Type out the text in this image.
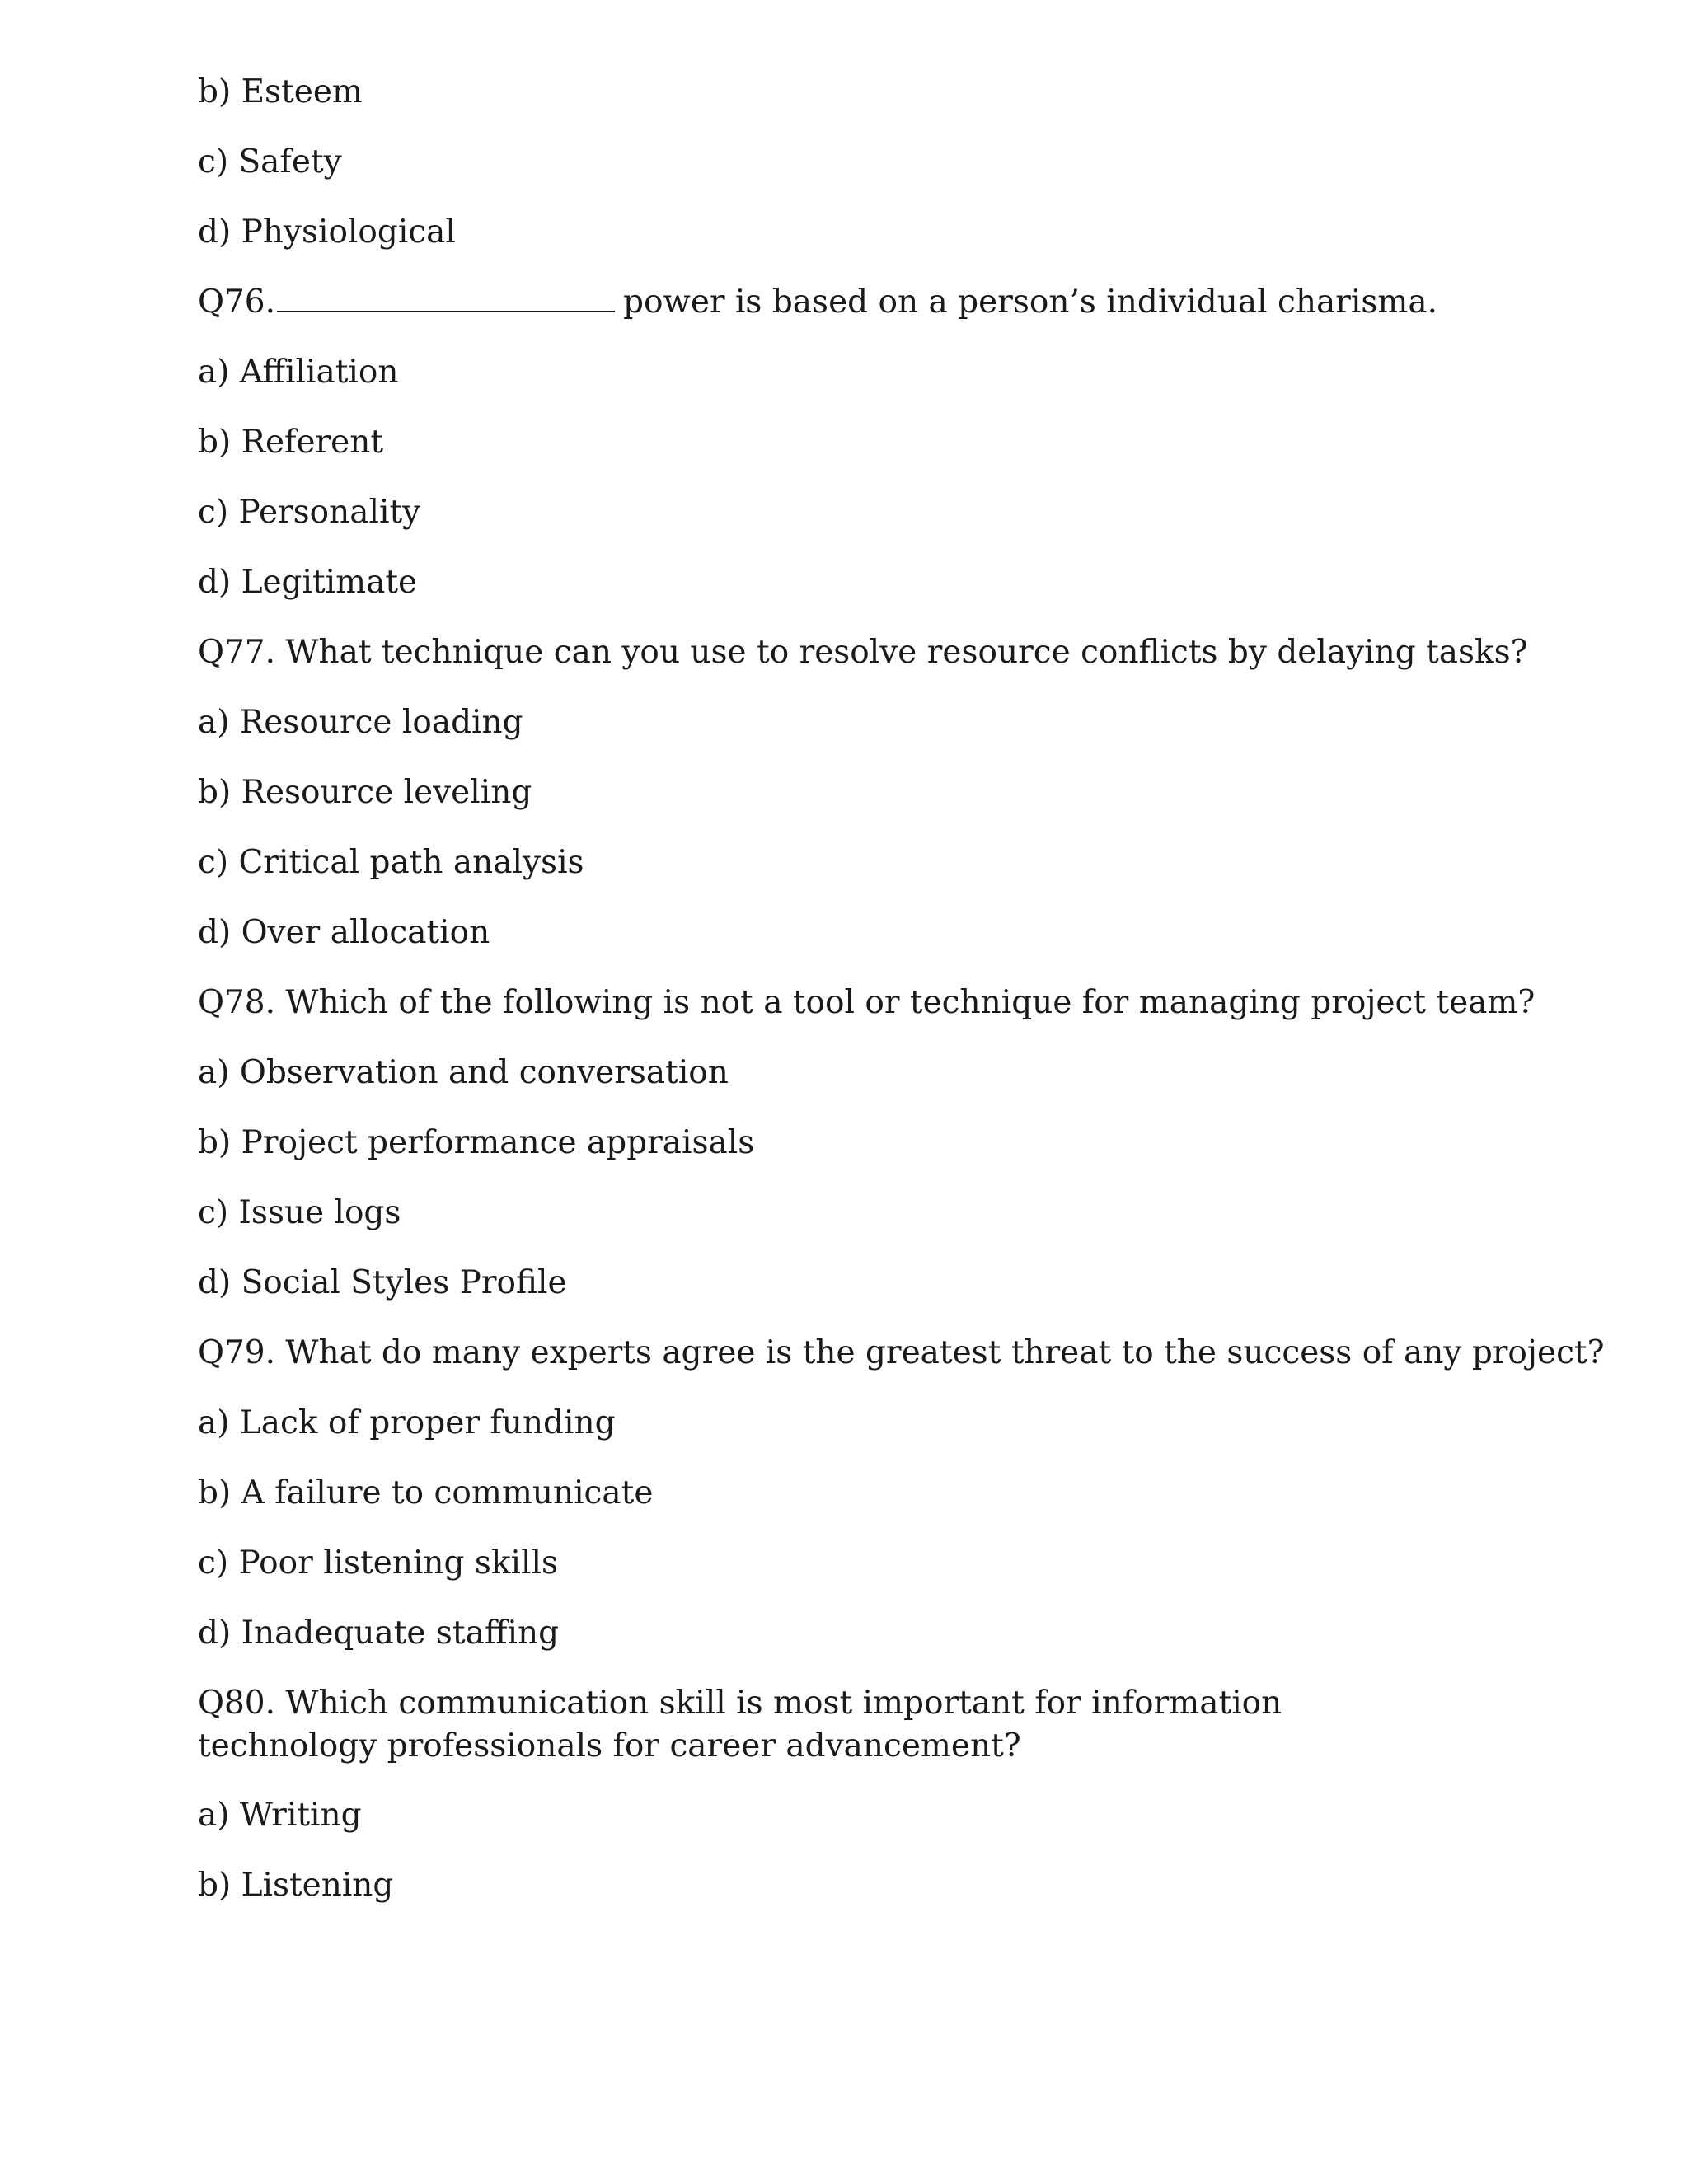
b) Esteem
c) Safety
d) Physiological
Q76.	power is based on a person’s individual charisma.
a) Affiliation
b) Referent
c) Personality
d) Legitimate
Q77. What technique can you use to resolve resource conflicts by delaying tasks?
a) Resource loading
b) Resource leveling
c) Critical path analysis
d) Over allocation
Q78. Which of the following is not a tool or technique for managing project team?
a) Observation and conversation
b) Project performance appraisals
c) Issue logs
d) Social Styles Profile
Q79. What do many experts agree is the greatest threat to the success of any project?
a) Lack of proper funding
b) A failure to communicate
c) Poor listening skills
d) Inadequate staffing
Q80. Which communication skill is most important for information technology professionals for career advancement?
a) Writing
b) Listening
